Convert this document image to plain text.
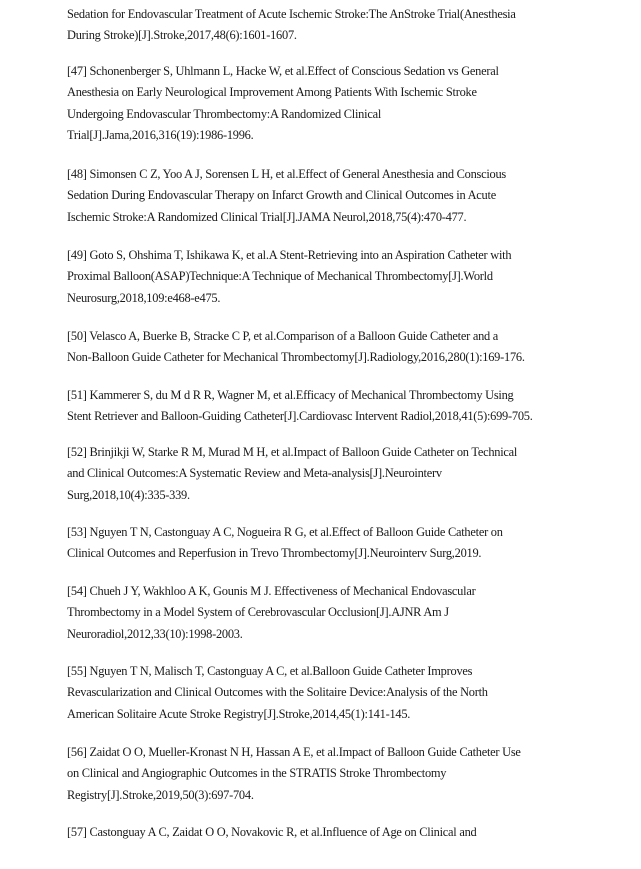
Sedation for Endovascular Treatment of Acute Ischemic Stroke:The AnStroke Trial(Anesthesia
During Stroke)[J].Stroke,2017,48(6):1601-1607.

[47] Schonenberger S, Uhlmann L, Hacke W, et al.Effect of Conscious Sedation vs General
Anesthesia on Early Neurological Improvement Among Patients With Ischemic Stroke
Undergoing Endovascular Thrombectomy:A Randomized Clinical
Trial[J].Jama,2016,316(19):1986-1996.

[48] Simonsen C Z, Yoo A J, Sorensen L H, et al.Effect of General Anesthesia and Conscious
Sedation During Endovascular Therapy on Infarct Growth and Clinical Outcomes in Acute
Ischemic Stroke:A Randomized Clinical Trial[J].JAMA Neurol,2018,75(4):470-477.

[49] Goto S, Ohshima T, Ishikawa K, et al.A Stent-Retrieving into an Aspiration Catheter with
Proximal Balloon(ASAP)Technique:A Technique of Mechanical Thrombectomy[J].World
Neurosurg,2018,109:e468-e475.

[50] Velasco A, Buerke B, Stracke C P, et al.Comparison of a Balloon Guide Catheter and a
Non-Balloon Guide Catheter for Mechanical Thrombectomy[J].Radiology,2016,280(1):169-176.

[51] Kammerer S, du M d R R, Wagner M, et al.Efficacy of Mechanical Thrombectomy Using
Stent Retriever and Balloon-Guiding Catheter[J].Cardiovasc Intervent Radiol,2018,41(5):699-705.

[52] Brinjikji W, Starke R M, Murad M H, et al.Impact of Balloon Guide Catheter on Technical
and Clinical Outcomes:A Systematic Review and Meta-analysis[J].Neurointerv
Surg,2018,10(4):335-339.

[53] Nguyen T N, Castonguay A C, Nogueira R G, et al.Effect of Balloon Guide Catheter on
Clinical Outcomes and Reperfusion in Trevo Thrombectomy[J].Neurointerv Surg,2019.

[54] Chueh J Y, Wakhloo A K, Gounis M J. Effectiveness of Mechanical Endovascular
Thrombectomy in a Model System of Cerebrovascular Occlusion[J].AJNR Am J
Neuroradiol,2012,33(10):1998-2003.

[55] Nguyen T N, Malisch T, Castonguay A C, et al.Balloon Guide Catheter Improves
Revascularization and Clinical Outcomes with the Solitaire Device:Analysis of the North
American Solitaire Acute Stroke Registry[J].Stroke,2014,45(1):141-145.

[56] Zaidat O O, Mueller-Kronast N H, Hassan A E, et al.Impact of Balloon Guide Catheter Use
on Clinical and Angiographic Outcomes in the STRATIS Stroke Thrombectomy
Registry[J].Stroke,2019,50(3):697-704.

[57] Castonguay A C, Zaidat O O, Novakovic R, et al.Influence of Age on Clinical and
